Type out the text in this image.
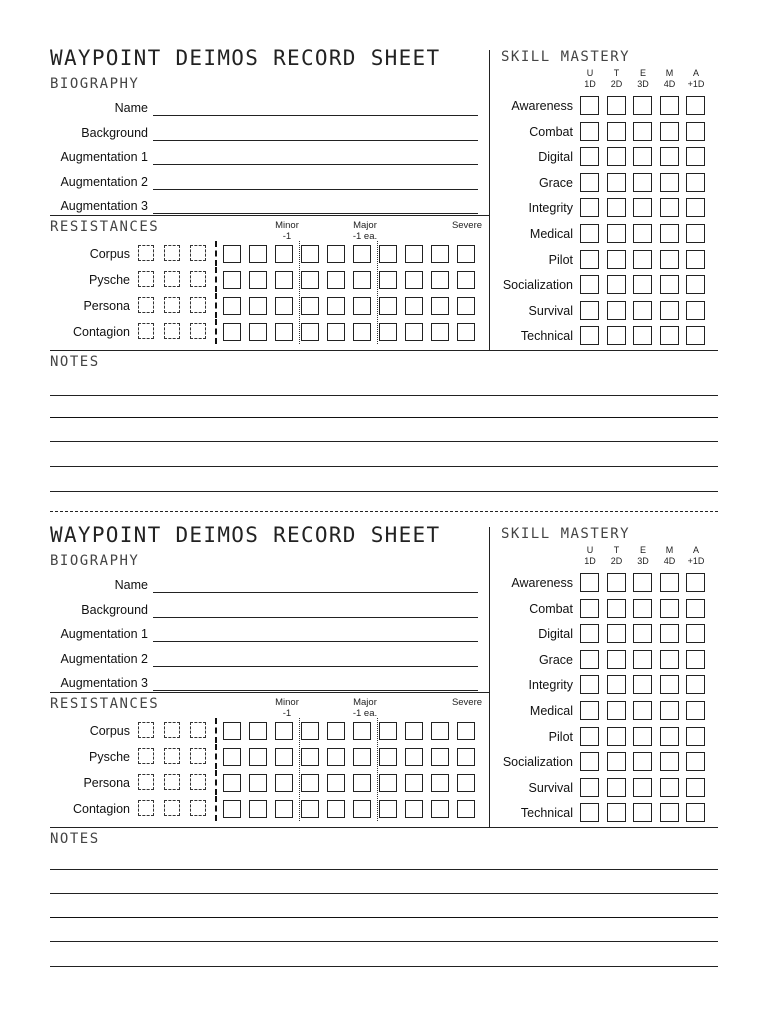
WAYPOINT DEIMOS RECORD SHEET
BIOGRAPHY
SKILL MASTERY
Name
Background
Augmentation 1
Augmentation 2
Augmentation 3
RESISTANCES	Minor
-1
Major
-1 ea.
Severe
Corpus
Pysche
Persona
Contagion
U
1D
T
2D
E
3D
M
4D
A
+1D
Awareness
Combat
Digital
Grace
Integrity
Medical
Pilot
Socialization
Survival
Technical
NOTES
WAYPOINT DEIMOS RECORD SHEET
BIOGRAPHY
SKILL MASTERY
Name
Background
Augmentation 1
Augmentation 2
Augmentation 3
RESISTANCES	Minor
-1
Major
-1 ea.
Severe
Corpus
Pysche
Persona
Contagion
U
1D
T
2D
E
3D
M
4D
A
+1D
Awareness
Combat
Digital
Grace
Integrity
Medical
Pilot
Socialization
Survival
Technical
NOTES
